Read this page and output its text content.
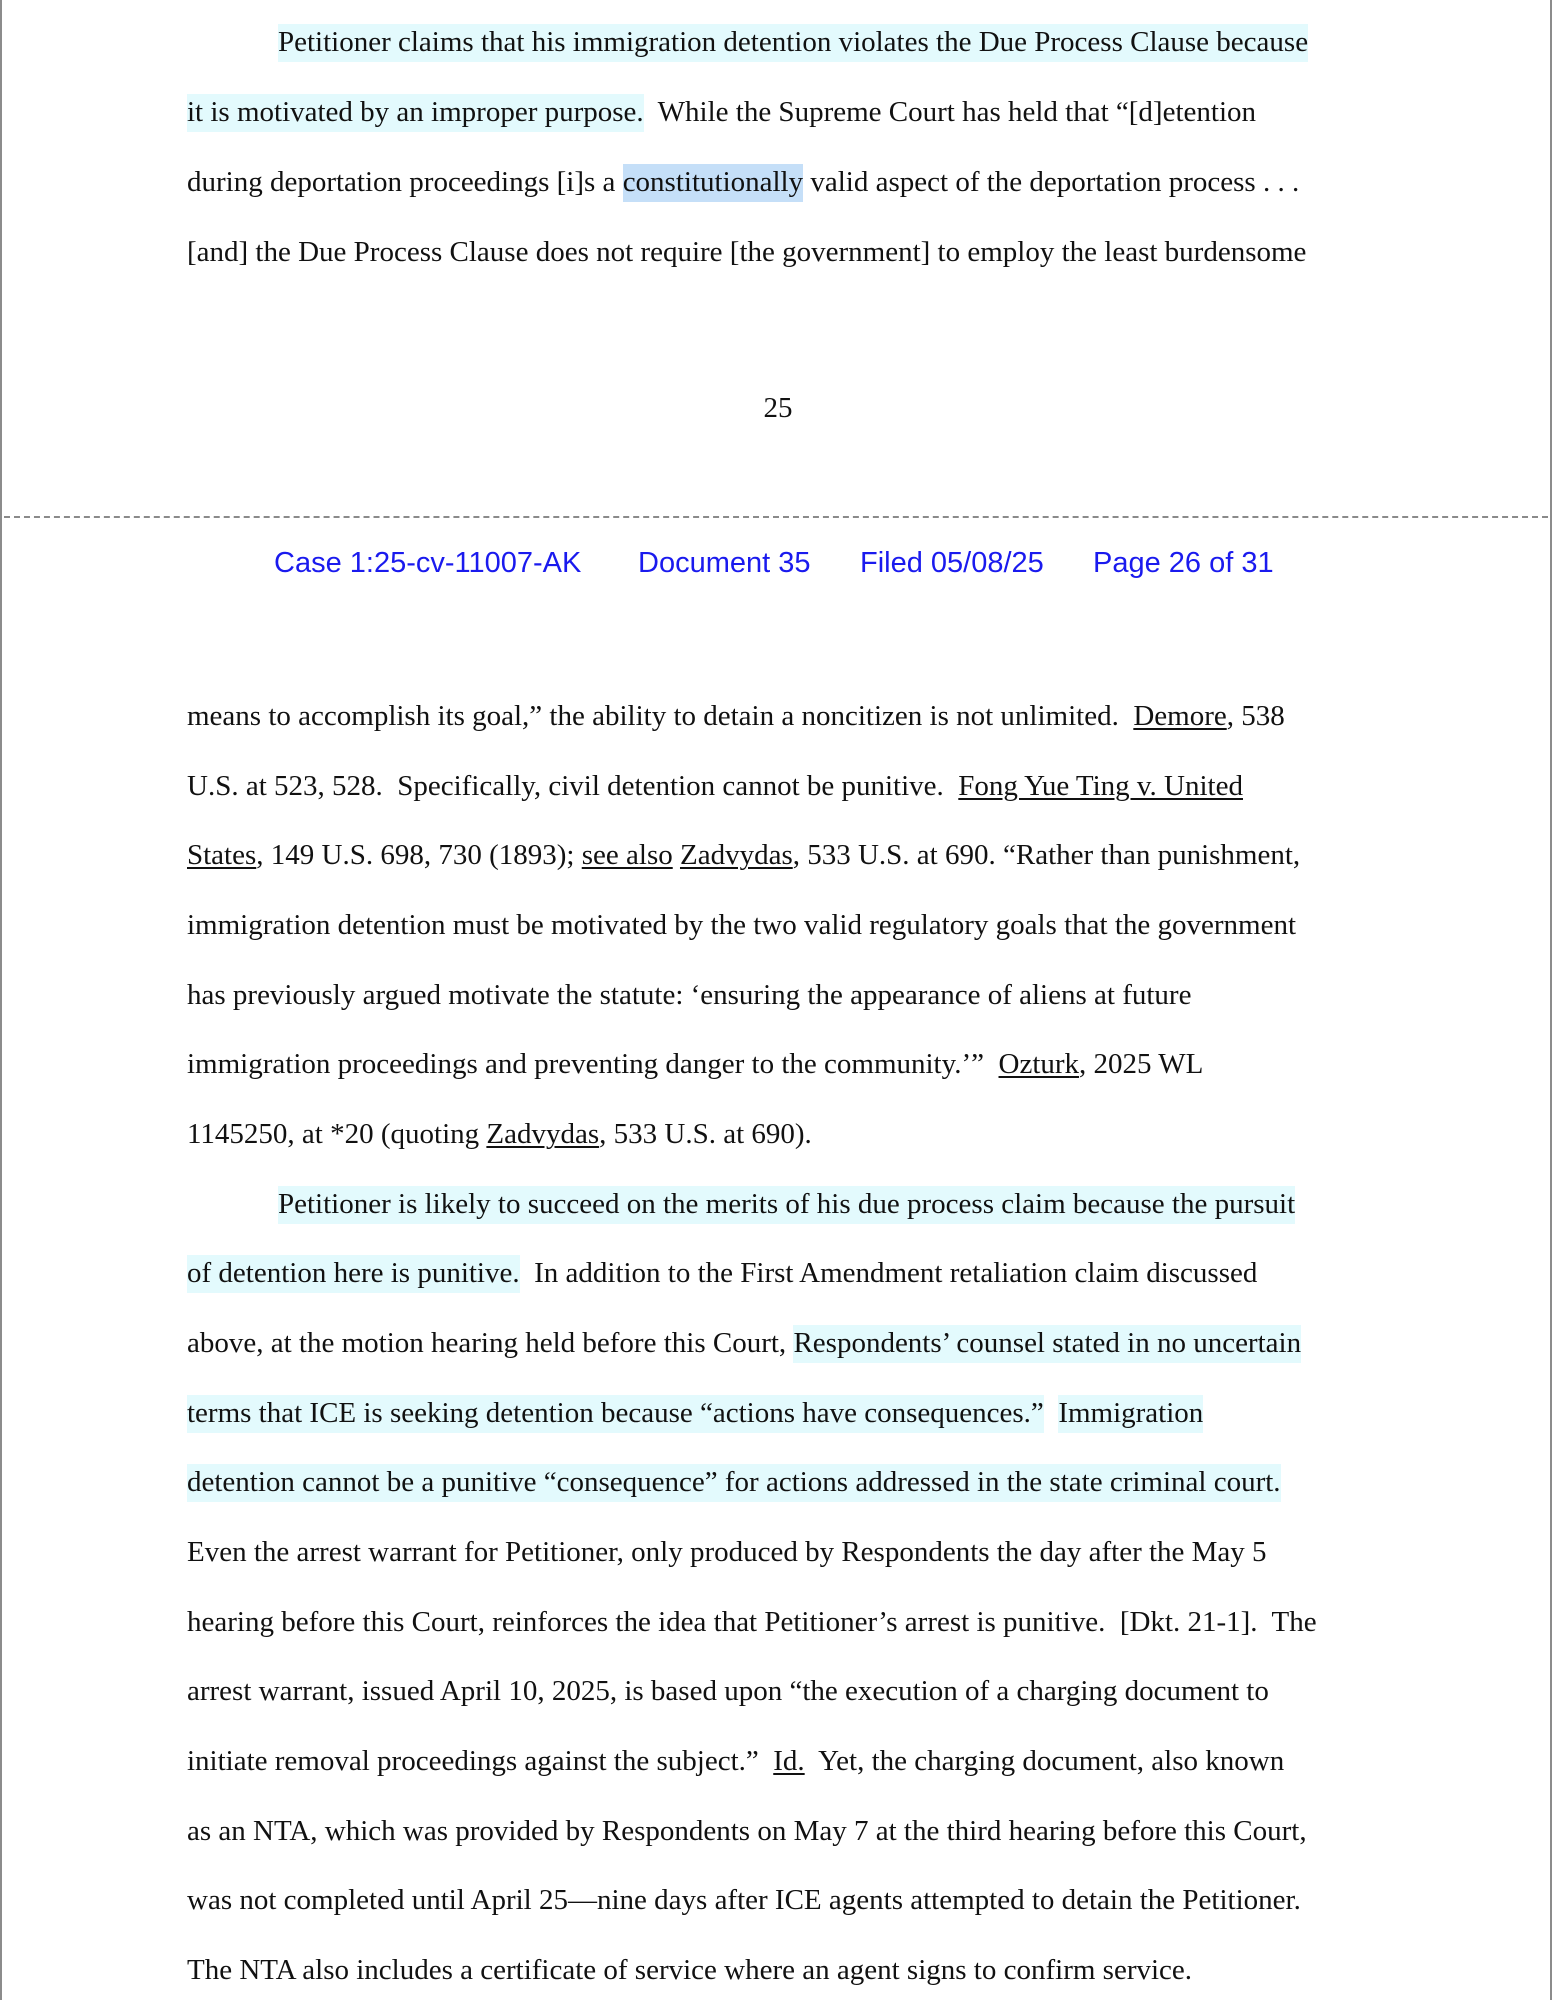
Petitioner claims that his immigration detention violates the Due Process Clause because
it is motivated by an improper purpose.  While the Supreme Court has held that “[d]etention
during deportation proceedings [i]s a constitutionally valid aspect of the deportation process . . .
[and] the Due Process Clause does not require [the government] to employ the least burdensome
25
Case 1:25-cv-11007-AK Document 35 Filed 05/08/25 Page 26 of 31
means to accomplish its goal,” the ability to detain a noncitizen is not unlimited.  Demore, 538
U.S. at 523, 528.  Specifically, civil detention cannot be punitive.  Fong Yue Ting v. United
States, 149 U.S. 698, 730 (1893); see also Zadvydas, 533 U.S. at 690. “Rather than punishment,
immigration detention must be motivated by the two valid regulatory goals that the government
has previously argued motivate the statute: ‘ensuring the appearance of aliens at future
immigration proceedings and preventing danger to the community.’”  Ozturk, 2025 WL
1145250, at *20 (quoting Zadvydas, 533 U.S. at 690).
Petitioner is likely to succeed on the merits of his due process claim because the pursuit
of detention here is punitive.  In addition to the First Amendment retaliation claim discussed
above, at the motion hearing held before this Court, Respondents’ counsel stated in no uncertain
terms that ICE is seeking detention because “actions have consequences.” Immigration
detention cannot be a punitive “consequence” for actions addressed in the state criminal court.
Even the arrest warrant for Petitioner, only produced by Respondents the day after the May 5
hearing before this Court, reinforces the idea that Petitioner’s arrest is punitive.  [Dkt. 21-1].  The
arrest warrant, issued April 10, 2025, is based upon “the execution of a charging document to
initiate removal proceedings against the subject.”  Id.  Yet, the charging document, also known
as an NTA, which was provided by Respondents on May 7 at the third hearing before this Court,
was not completed until April 25—nine days after ICE agents attempted to detain the Petitioner.
The NTA also includes a certificate of service where an agent signs to confirm service.
